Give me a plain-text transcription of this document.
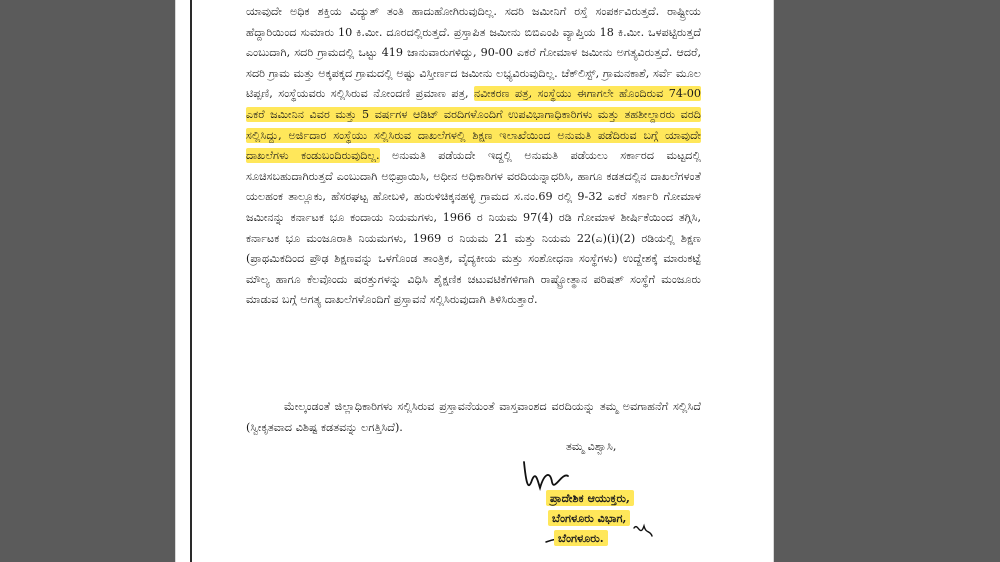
ಯಾವುದೇ ಅಧಿಕ ಶಕ್ತಿಯ ವಿದ್ಯುತ್ ತಂತಿ ಹಾದುಹೋಗಿರುವುದಿಲ್ಲ. ಸದರಿ ಜಮೀನಿಗೆ ರಸ್ತೆ ಸಂಪರ್ಕವಿರುತ್ತದೆ. ರಾಷ್ಟ್ರೀಯ ಹೆದ್ದಾರಿಯಿಂದ ಸುಮಾರು 10 ಕಿ.ಮೀ. ದೂರದಲ್ಲಿರುತ್ತದೆ. ಪ್ರಸ್ತಾಪಿತ ಜಮೀನು ಬಿಬಿಎಂಪಿ ವ್ಯಾಪ್ತಿಯ 18 ಕಿ.ಮೀ. ಒಳಪಟ್ಟಿರುತ್ತದೆ ಎಂಬುದಾಗಿ, ಸದರಿ ಗ್ರಾಮದಲ್ಲಿ ಒಟ್ಟು 419 ಜಾನುವಾರುಗಳಿದ್ದು, 90-00 ಎಕರೆ ಗೋಮಾಳ ಜಮೀನು ಅಗತ್ಯವಿರುತ್ತದೆ. ಆದರೆ, ಸದರಿ ಗ್ರಾಮ ಮತ್ತು ಅಕ್ಕಪಕ್ಕದ ಗ್ರಾಮದಲ್ಲಿ ಅಷ್ಟು ವಿಸ್ತೀರ್ಣದ ಜಮೀನು ಲಭ್ಯವಿರುವುದಿಲ್ಲ. ಚೆಕ್‌ಲಿಸ್ಟ್, ಗ್ರಾಮನಕಾಶೆ, ಸರ್ವೆ ಮೂಲ ಟಿಪ್ಪಣಿ, ಸಂಸ್ಥೆಯವರು ಸಲ್ಲಿಸಿರುವ ನೋಂದಣಿ ಪ್ರಮಾಣ ಪತ್ರ, ನವೀಕರಣ ಪತ್ರ, ಸಂಸ್ಥೆಯು ಈಗಾಗಲೇ ಹೊಂದಿರುವ 74-00 ಎಕರೆ ಜಮೀನಿನ ವಿವರ ಮತ್ತು 5 ವರ್ಷಗಳ ಆಡಿಟ್ ವರದಿಗಳೊಂದಿಗೆ ಉಪವಿಭಾಗಾಧಿಕಾರಿಗಳು ಮತ್ತು ತಹಶೀಲ್ದಾರರು ವರದಿ ಸಲ್ಲಿಸಿದ್ದು, ಅರ್ಜಿದಾರ ಸಂಸ್ಥೆಯು ಸಲ್ಲಿಸಿರುವ ದಾಖಲೆಗಳಲ್ಲಿ ಶಿಕ್ಷಣ ಇಲಾಖೆಯಿಂದ ಅನುಮತಿ ಪಡೆದಿರುವ ಬಗ್ಗೆ ಯಾವುದೇ ದಾಖಲೆಗಳು ಕಂಡುಬಂದಿರುವುದಿಲ್ಲ. ಅನುಮತಿ ಪಡೆಯದೇ ಇದ್ದಲ್ಲಿ ಅನುಮತಿ ಪಡೆಯಲು ಸರ್ಕಾರದ ಮಟ್ಟದಲ್ಲಿ ಸೂಚಿಸಬಹುದಾಗಿರುತ್ತದೆ ಎಂಬುದಾಗಿ ಅಭಿಪ್ರಾಯಿಸಿ, ಅಧೀನ ಅಧಿಕಾರಿಗಳ ವರದಿಯನ್ನಾಧರಿಸಿ, ಹಾಗೂ ಕಡತದಲ್ಲಿನ ದಾಖಲೆಗಳಂತೆ ಯಲಹಂಕ ತಾಲ್ಲೂಕು, ಹೆಸರಘಟ್ಟ ಹೋಬಳಿ, ಹುರುಳಿಚಿಕ್ಕನಹಳ್ಳಿ ಗ್ರಾಮದ ಸ.ನಂ.69 ರಲ್ಲಿ 9-32 ಎಕರೆ ಸರ್ಕಾರಿ ಗೋಮಾಳ ಜಮೀನನ್ನು ಕರ್ನಾಟಕ ಭೂ ಕಂದಾಯ ನಿಯಮಗಳು, 1966 ರ ನಿಯಮ 97(4) ರಡಿ ಗೋಮಾಳ ಶೀರ್ಷಿಕೆಯಿಂದ ತಗ್ಗಿಸಿ, ಕರ್ನಾಟಕ ಭೂ ಮಂಜೂರಾತಿ ನಿಯಮಗಳು, 1969 ರ ನಿಯಮ 21 ಮತ್ತು ನಿಯಮ 22(ಎ)(i)(2) ರಡಿಯಲ್ಲಿ ಶಿಕ್ಷಣ (ಪ್ರಾಥಮಿಕದಿಂದ ಪ್ರೌಢ ಶಿಕ್ಷಣವನ್ನು ಒಳಗೊಂಡ ತಾಂತ್ರಿಕ, ವೈದ್ಯಕೀಯ ಮತ್ತು ಸಂಶೋಧನಾ ಸಂಸ್ಥೆಗಳು) ಉದ್ದೇಶಕ್ಕೆ ಮಾರುಕಟ್ಟೆ ಮೌಲ್ಯ ಹಾಗೂ ಕೆಲವೊಂದು ಷರತ್ತುಗಳನ್ನು ವಿಧಿಸಿ ಶೈಕ್ಷಣಿಕ ಚಟುವಟಿಕೆಗಳಿಗಾಗಿ ರಾಷ್ಟ್ರೋತ್ಥಾನ ಪರಿಷತ್ ಸಂಸ್ಥೆಗೆ ಮಂಜೂರು ಮಾಡುವ ಬಗ್ಗೆ ಅಗತ್ಯ ದಾಖಲೆಗಳೊಂದಿಗೆ ಪ್ರಸ್ತಾವನೆ ಸಲ್ಲಿಸಿರುವುದಾಗಿ ತಿಳಿಸಿರುತ್ತಾರೆ.

ಮೇಲ್ಕಂಡಂತೆ ಜಿಲ್ಲಾಧಿಕಾರಿಗಳು ಸಲ್ಲಿಸಿರುವ ಪ್ರಸ್ತಾವನೆಯಂತೆ ವಾಸ್ತವಾಂಶದ ವರದಿಯನ್ನು ತಮ್ಮ ಅವಗಾಹನೆಗೆ ಸಲ್ಲಿಸಿದೆ (ಸ್ವೀಕೃತವಾದ ವಿಶಿಷ್ಟ ಕಡತವನ್ನು ಲಗತ್ತಿಸಿದೆ).

ತಮ್ಮ ವಿಶ್ವಾಸಿ,
ಪ್ರಾದೇಶಿಕ ಆಯುಕ್ತರು,
ಬೆಂಗಳೂರು ವಿಭಾಗ,
ಬೆಂಗಳೂರು.
